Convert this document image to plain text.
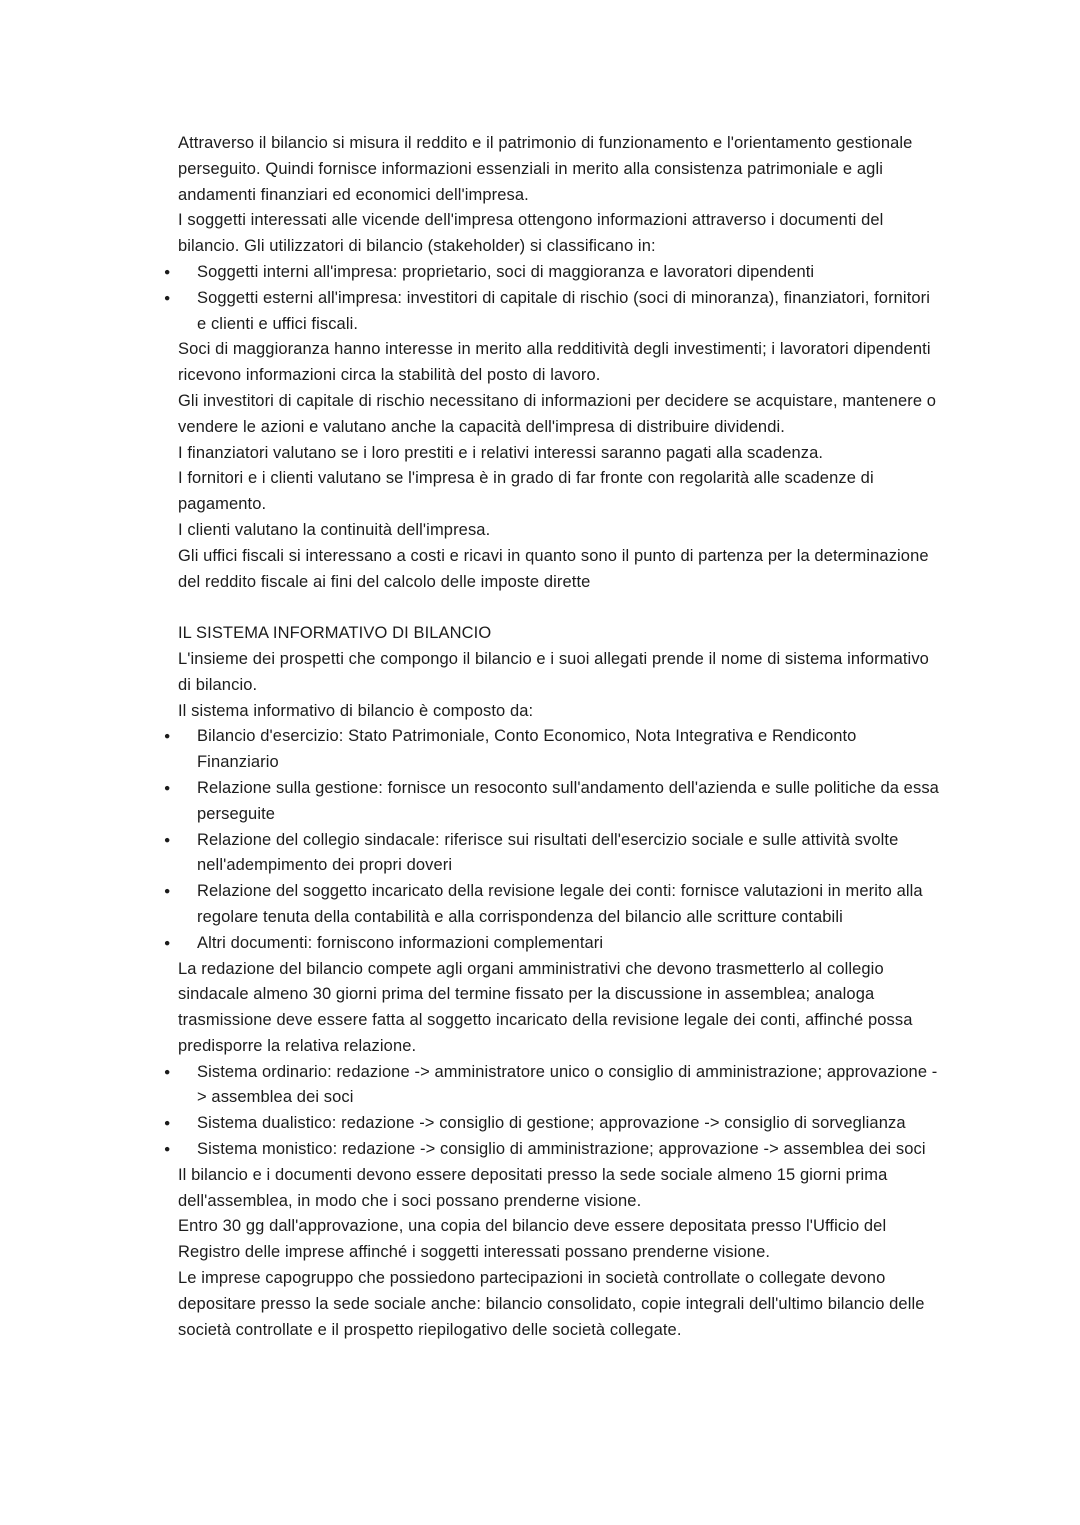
Attraverso il bilancio si misura il reddito e il patrimonio di funzionamento e l'orientamento gestionale perseguito. Quindi fornisce informazioni essenziali in merito alla consistenza patrimoniale e agli andamenti finanziari ed economici dell'impresa.
I soggetti interessati alle vicende dell'impresa ottengono informazioni attraverso i documenti del bilancio. Gli utilizzatori di bilancio (stakeholder) si classificano in:
●	Soggetti interni all'impresa: proprietario, soci di maggioranza e lavoratori dipendenti
●	Soggetti esterni all'impresa: investitori di capitale di rischio (soci di minoranza), finanziatori, fornitori e clienti e uffici fiscali.
Soci di maggioranza hanno interesse in merito alla redditività degli investimenti; i lavoratori dipendenti ricevono informazioni circa la stabilità del posto di lavoro.
Gli investitori di capitale di rischio necessitano di informazioni per decidere se acquistare, mantenere o vendere le azioni e valutano anche la capacità dell'impresa di distribuire dividendi.
I finanziatori valutano se i loro prestiti e i relativi interessi saranno pagati alla scadenza.
I fornitori e i clienti valutano se l'impresa è in grado di far fronte con regolarità alle scadenze di pagamento.
I clienti valutano la continuità dell'impresa.
Gli uffici fiscali si interessano a costi e ricavi in quanto sono il punto di partenza per la determinazione del reddito fiscale ai fini del calcolo delle imposte dirette
IL SISTEMA INFORMATIVO DI BILANCIO
L'insieme dei prospetti che compongo il bilancio e i suoi allegati prende il nome di sistema informativo di bilancio.
Il sistema informativo di bilancio è composto da:
●	Bilancio d'esercizio: Stato Patrimoniale, Conto Economico, Nota Integrativa e Rendiconto Finanziario
●	Relazione sulla gestione: fornisce un resoconto sull'andamento dell'azienda e sulle politiche da essa perseguite
●	Relazione del collegio sindacale: riferisce sui risultati dell'esercizio sociale e sulle attività svolte nell'adempimento dei propri doveri
●	Relazione del soggetto incaricato della revisione legale dei conti: fornisce valutazioni in merito alla regolare tenuta della contabilità e alla corrispondenza del bilancio alle scritture contabili
●	Altri documenti: forniscono informazioni complementari
La redazione del bilancio compete agli organi amministrativi che devono trasmetterlo al collegio sindacale almeno 30 giorni prima del termine fissato per la discussione in assemblea; analoga trasmissione deve essere fatta al soggetto incaricato della revisione legale dei conti, affinché possa predisporre la relativa relazione.
●	Sistema ordinario: redazione -> amministratore unico o consiglio di amministrazione; approvazione -> assemblea dei soci
●	Sistema dualistico: redazione -> consiglio di gestione; approvazione -> consiglio di sorveglianza
●	Sistema monistico: redazione -> consiglio di amministrazione; approvazione -> assemblea dei soci
Il bilancio e i documenti devono essere depositati presso la sede sociale almeno 15 giorni prima dell'assemblea, in modo che i soci possano prenderne visione.
Entro 30 gg dall'approvazione, una copia del bilancio deve essere depositata presso l'Ufficio del Registro delle imprese affinché i soggetti interessati possano prenderne visione.
Le imprese capogruppo che possiedono partecipazioni in società controllate o collegate devono depositare presso la sede sociale anche: bilancio consolidato, copie integrali dell'ultimo bilancio delle società controllate e il prospetto riepilogativo delle società collegate.
